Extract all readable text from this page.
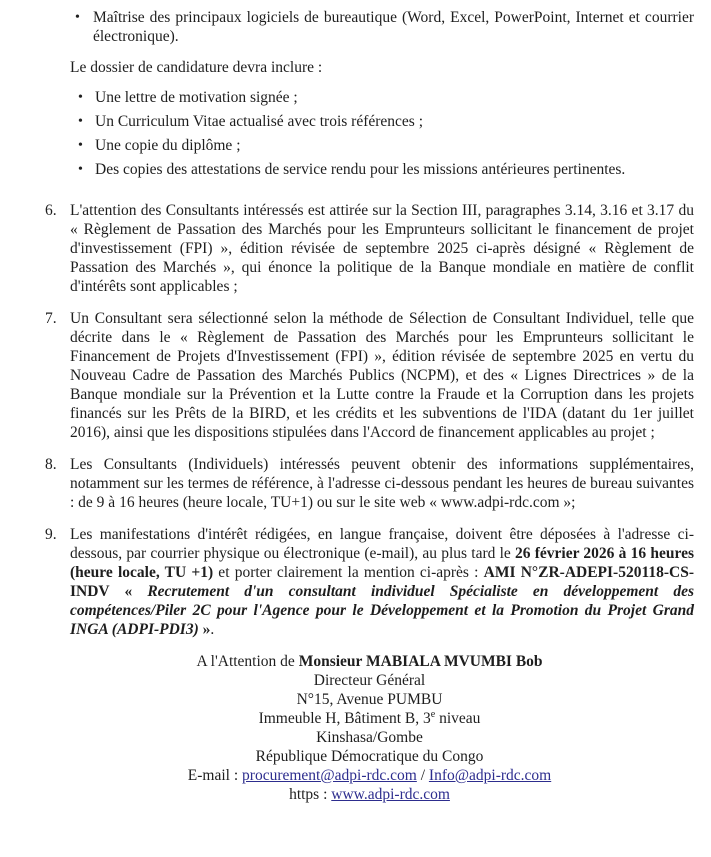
• Maîtrise des principaux logiciels de bureautique (Word, Excel, PowerPoint, Internet et courrier électronique).
Le dossier de candidature devra inclure :
• Une lettre de motivation signée ;
• Un Curriculum Vitae actualisé avec trois références ;
• Une copie du diplôme ;
• Des copies des attestations de service rendu pour les missions antérieures pertinentes.
6. L'attention des Consultants intéressés est attirée sur la Section III, paragraphes 3.14, 3.16 et 3.17 du « Règlement de Passation des Marchés pour les Emprunteurs sollicitant le financement de projet d'investissement (FPI) », édition révisée de septembre 2025 ci-après désigné « Règlement de Passation des Marchés », qui énonce la politique de la Banque mondiale en matière de conflit d'intérêts sont applicables ;
7. Un Consultant sera sélectionné selon la méthode de Sélection de Consultant Individuel, telle que décrite dans le « Règlement de Passation des Marchés pour les Emprunteurs sollicitant le Financement de Projets d'Investissement (FPI) », édition révisée de septembre 2025 en vertu du Nouveau Cadre de Passation des Marchés Publics (NCPM), et des « Lignes Directrices » de la Banque mondiale sur la Prévention et la Lutte contre la Fraude et la Corruption dans les projets financés sur les Prêts de la BIRD, et les crédits et les subventions de l'IDA (datant du 1er juillet 2016), ainsi que les dispositions stipulées dans l'Accord de financement applicables au projet ;
8. Les Consultants (Individuels) intéressés peuvent obtenir des informations supplémentaires, notamment sur les termes de référence, à l'adresse ci-dessous pendant les heures de bureau suivantes : de 9 à 16 heures (heure locale, TU+1) ou sur le site web « www.adpi-rdc.com »;
9. Les manifestations d'intérêt rédigées, en langue française, doivent être déposées à l'adresse ci-dessous, par courrier physique ou électronique (e-mail), au plus tard le 26 février 2026 à 16 heures (heure locale, TU +1) et porter clairement la mention ci-après : AMI N°ZR-ADEPI-520118-CS-INDV « Recrutement d'un consultant individuel Spécialiste en développement des compétences/Piler 2C pour l'Agence pour le Développement et la Promotion du Projet Grand INGA (ADPI-PDI3) ».
A l'Attention de Monsieur MABIALA MVUMBI Bob
Directeur Général
N°15, Avenue PUMBU
Immeuble H, Bâtiment B, 3e niveau
Kinshasa/Gombe
République Démocratique du Congo
E-mail : procurement@adpi-rdc.com / Info@adpi-rdc.com
https : www.adpi-rdc.com
